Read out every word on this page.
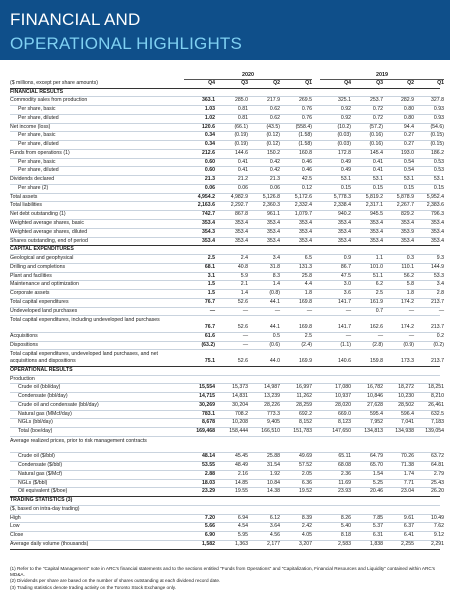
FINANCIAL AND
OPERATIONAL HIGHLIGHTS
2020	2019
($ millions, except per share amounts)	Q4	Q3	Q2	Q1	Q4	Q3	Q2	Q1
FINANCIAL RESULTS
Commodity sales from production	363.1	285.0	217.9	269.5	325.1	253.7	282.9	327.8
Per share, basic	1.03	0.81	0.62	0.76	0.92	0.72	0.80	0.93
Per share, diluted	1.02	0.81	0.62	0.76	0.92	0.72	0.80	0.93
Net income (loss)	120.6	(66.1)	(43.5)	(558.4)	(10.2)	(57.2)	94.4	(54.6)
Per share, basic	0.34	(0.19)	(0.12)	(1.58)	(0.03)	(0.16)	0.27	(0.15)
Per share, diluted	0.34	(0.19)	(0.12)	(1.58)	(0.03)	(0.16)	0.27	(0.15)
Funds from operations (1)	212.6	144.6	150.2	160.8	172.8	145.4	193.0	186.2
Per share, basic	0.60	0.41	0.42	0.46	0.49	0.41	0.54	0.53
Per share, diluted	0.60	0.41	0.42	0.46	0.49	0.41	0.54	0.53
Dividends declared	21.3	21.2	21.3	42.5	53.1	53.1	53.1	53.1
Per share (2)	0.06	0.06	0.06	0.12	0.15	0.15	0.15	0.15
Total assets	4,954.2	4,982.9	5,126.8	5,172.6	5,778.3	5,819.2	5,878.9	5,952.4
Total liabilities	2,163.6	2,292.7	2,360.3	2,332.4	2,338.4	2,317.1	2,267.7	2,383.6
Net debt outstanding (1)	742.7	867.8	961.1	1,079.7	940.2	945.5	829.2	796.3
Weighted average shares, basic	353.4	353.4	353.4	353.4	353.4	353.4	353.4	353.4
Weighted average shares, diluted	354.3	353.4	353.4	353.4	353.4	353.4	353.9	353.4
Shares outstanding, end of period	353.4	353.4	353.4	353.4	353.4	353.4	353.4	353.4
CAPITAL EXPENDITURES
Geological and geophysical	2.5	2.4	3.4	6.5	0.9	1.1	0.3	9.3
Drilling and completions	68.1	40.8	31.8	131.3	86.7	101.0	110.1	144.9
Plant and facilities	3.1	5.9	8.3	25.8	47.5	51.1	56.2	53.3
Maintenance and optimization	1.5	2.1	1.4	4.4	3.0	6.2	5.8	3.4
Corporate assets	1.5	1.4	(0.8)	1.8	3.6	2.5	1.8	2.8
Total capital expenditures	76.7	52.6	44.1	169.8	141.7	161.9	174.2	213.7
Undeveloped land purchases	—	—	—	—	—	0.7	—	—
Total capital expenditures, including undeveloped land purchases
76.7	52.6	44.1	169.8	141.7	162.6	174.2	213.7
Acquisitions	61.6	—	0.5	2.5	—	—	—	0.2
Dispositions	(63.2)	—	(0.6)	(2.4)	(1.1)	(2.8)	(0.9)	(0.2)
Total capital expenditures, undeveloped land purchases, and net acquisitions and dispositions	75.1	52.6	44.0	169.9	140.6	159.8	173.3	213.7
OPERATIONAL RESULTS
Production
Crude oil (bbl/day)	15,554	15,373	14,987	16,997	17,080	16,782	18,272	18,251
Condensate (bbl/day)	14,715	14,831	13,239	11,262	10,937	10,846	10,230	8,210
Crude oil and condensate (bbl/day)	30,269	30,204	28,226	28,259	28,020	27,628	28,502	26,461
Natural gas (MMcf/day)	783.1	708.2	773.3	692.2	669.0	595.4	596.4	632.5
NGLs (bbl/day)	8,678	10,208	9,405	8,152	8,123	7,952	7,041	7,183
Total (boe/day)	169,468	158,444	166,510	151,783	147,650	134,813	134,938	139,054
Average realized prices, prior to risk management contracts
Crude oil ($/bbl)	48.14	45.45	25.88	49.69	65.11	64.79	70.26	63.72
Condensate ($/bbl)	53.55	48.49	31.54	57.52	68.08	65.70	71.38	64.81
Natural gas ($/Mcf)	2.88	2.16	1.92	2.05	2.36	1.54	1.74	2.79
NGLs ($/bbl)	18.03	14.85	10.84	6.36	11.69	5.25	7.71	25.43
Oil equivalent ($/boe)	23.29	19.55	14.38	19.52	23.93	20.46	23.04	26.20
TRADING STATISTICS (3)
($, based on intra-day trading)
High	7.20	6.94	6.12	8.39	8.26	7.85	9.61	10.49
Low	5.66	4.54	3.64	2.42	5.40	5.37	6.37	7.62
Close	6.90	5.95	4.56	4.05	8.18	6.31	6.41	9.12
Average daily volume (thousands)	1,582	1,363	2,177	3,207	2,583	1,838	2,255	2,291
(1) Refer to the "Capital Management" note in ARC's financial statements and to the sections entitled "Funds from Operations" and "Capitalization, Financial Resources and Liquidity" contained within ARC's MD&A.
(2) Dividends per share are based on the number of shares outstanding at each dividend record date.
(3) Trading statistics denote trading activity on the Toronto Stock Exchange only.
